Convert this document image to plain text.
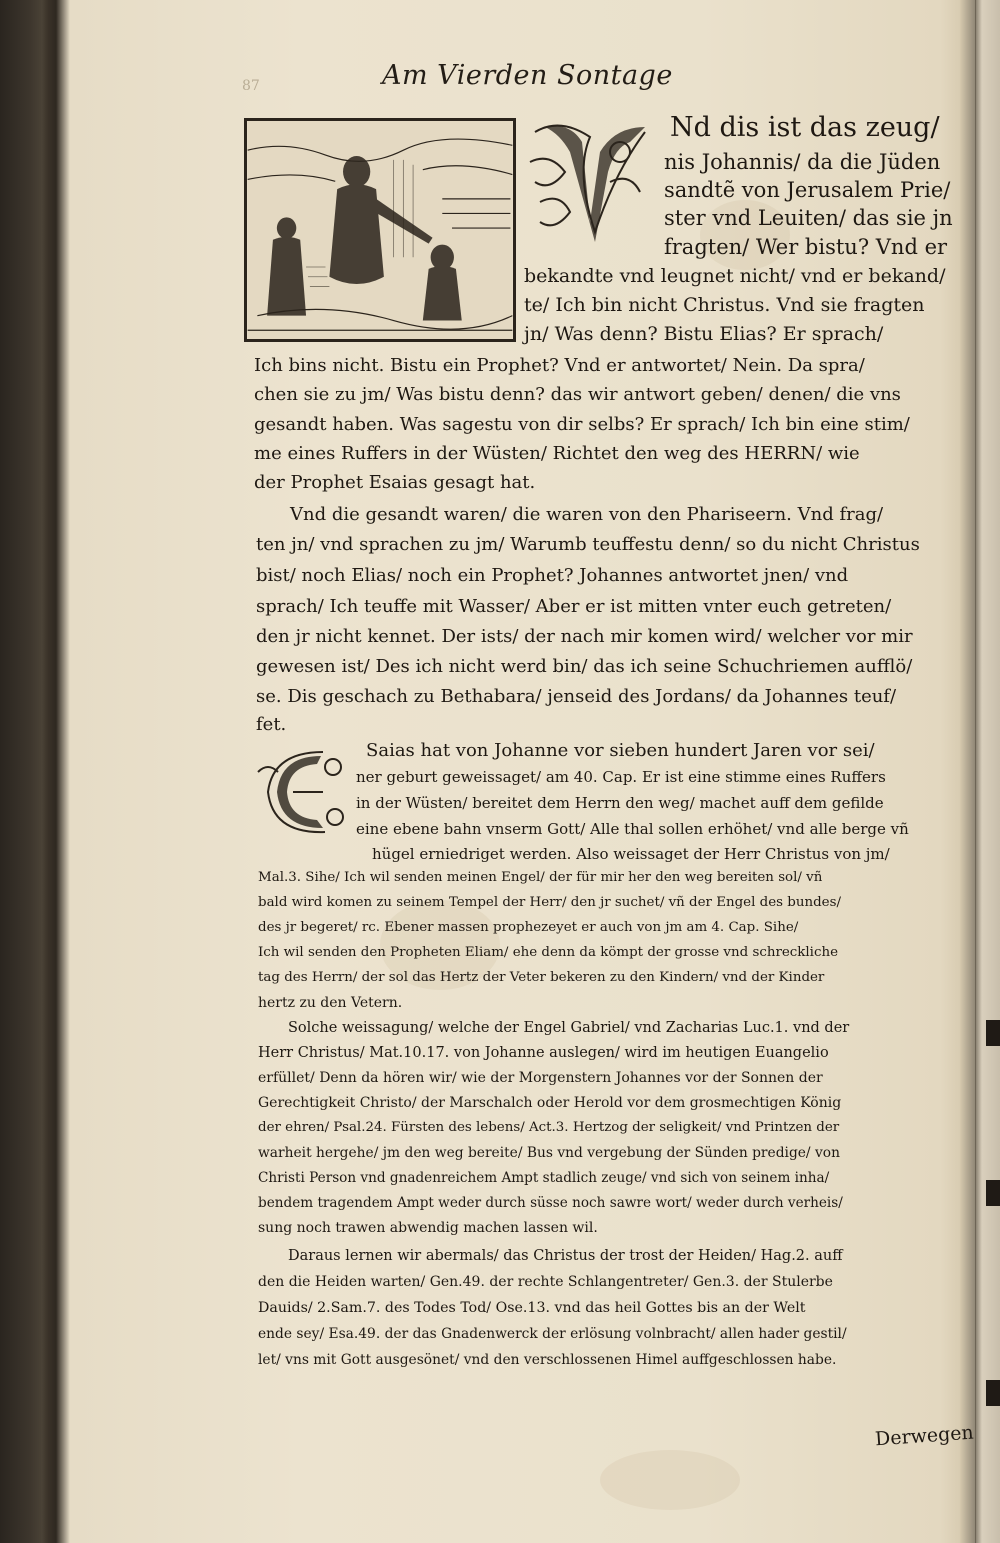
87	Am Vierden Sontage
Nd dis ist das zeug/
nis Johannis/ da die Jüden
sandtẽ von Jerusalem Prie/
ster vnd Leuiten/ das sie jn
fragten/ Wer bistu? Vnd er
bekandte vnd leugnet nicht/ vnd er bekand/
te/ Ich bin nicht Christus. Vnd sie fragten
jn/ Was denn? Bistu Elias? Er sprach/
Ich bins nicht. Bistu ein Prophet? Vnd er antwortet/ Nein. Da spra/
chen sie zu jm/ Was bistu denn? das wir antwort geben/ denen/ die vns
gesandt haben. Was sagestu von dir selbs? Er sprach/ Ich bin eine stim/
me eines Ruffers in der Wüsten/ Richtet den weg des HERRN/ wie
der Prophet Esaias gesagt hat.
Vnd die gesandt waren/ die waren von den Phariseern. Vnd frag/
ten jn/ vnd sprachen zu jm/ Warumb teuffestu denn/ so du nicht Christus
bist/ noch Elias/ noch ein Prophet? Johannes antwortet jnen/ vnd
sprach/ Ich teuffe mit Wasser/ Aber er ist mitten vnter euch getreten/
den jr nicht kennet. Der ists/ der nach mir komen wird/ welcher vor mir
gewesen ist/ Des ich nicht werd bin/ das ich seine Schuchriemen aufflö/
se. Dis geschach zu Bethabara/ jenseid des Jordans/ da Johannes teuf/
fet.
Saias hat von Johanne vor sieben hundert Jaren vor sei/
ner geburt geweissaget/ am 40. Cap. Er ist eine stimme eines Ruffers
in der Wüsten/ bereitet dem Herrn den weg/ machet auff dem gefilde
eine ebene bahn vnserm Gott/ Alle thal sollen erhöhet/ vnd alle berge vñ
hügel erniedriget werden. Also weissaget der Herr Christus von jm/
Mal.3. Sihe/ Ich wil senden meinen Engel/ der für mir her den weg bereiten sol/ vñ
bald wird komen zu seinem Tempel der Herr/ den jr suchet/ vñ der Engel des bundes/
des jr begeret/ rc. Ebener massen prophezeyet er auch von jm am 4. Cap. Sihe/
Ich wil senden den Propheten Eliam/ ehe denn da kömpt der grosse vnd schreckliche
tag des Herrn/ der sol das Hertz der Veter bekeren zu den Kindern/ vnd der Kinder
hertz zu den Vetern.
Solche weissagung/ welche der Engel Gabriel/ vnd Zacharias Luc.1. vnd der
Herr Christus/ Mat.10.17. von Johanne auslegen/ wird im heutigen Euangelio
erfüllet/ Denn da hören wir/ wie der Morgenstern Johannes vor der Sonnen der
Gerechtigkeit Christo/ der Marschalch oder Herold vor dem grosmechtigen König
der ehren/ Psal.24. Fürsten des lebens/ Act.3. Hertzog der seligkeit/ vnd Printzen der
warheit hergehe/ jm den weg bereite/ Bus vnd vergebung der Sünden predige/ von
Christi Person vnd gnadenreichem Ampt stadlich zeuge/ vnd sich von seinem inha/
bendem tragendem Ampt weder durch süsse noch sawre wort/ weder durch verheis/
sung noch trawen abwendig machen lassen wil.
Daraus lernen wir abermals/ das Christus der trost der Heiden/ Hag.2. auff
den die Heiden warten/ Gen.49. der rechte Schlangentreter/ Gen.3. der Stulerbe
Dauids/ 2.Sam.7. des Todes Tod/ Ose.13. vnd das heil Gottes bis an der Welt
ende sey/ Esa.49. der das Gnadenwerck der erlösung volnbracht/ allen hader gestil/
let/ vns mit Gott ausgesönet/ vnd den verschlossenen Himel auffgeschlossen habe.
Derwegen
